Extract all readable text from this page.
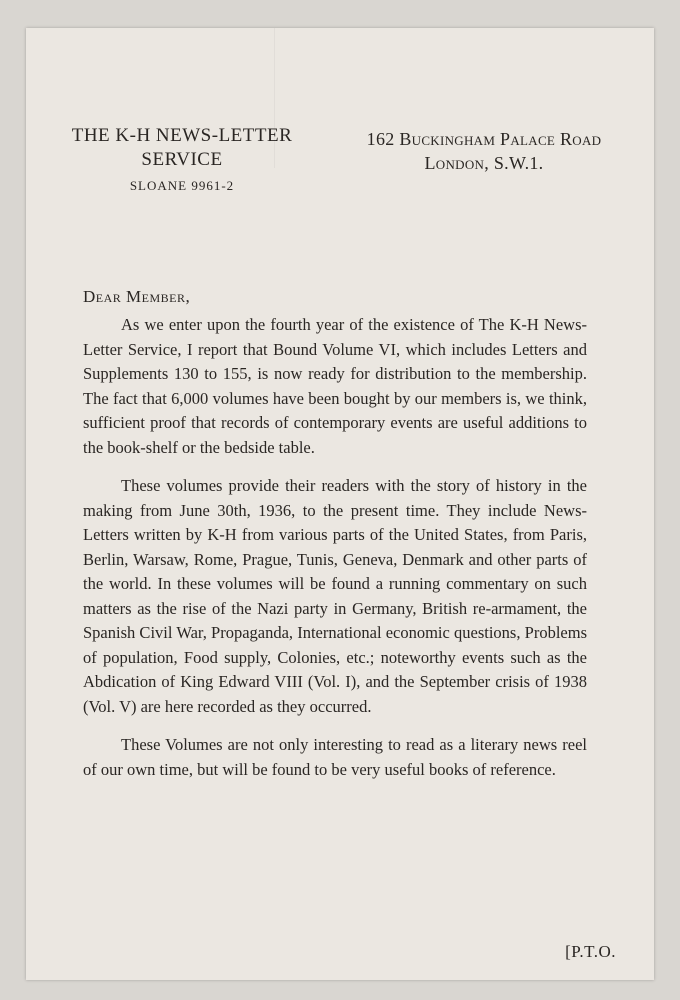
THE K-H NEWS-LETTER
SERVICE
SLOANE 9961-2
162 Buckingham Palace Road
London, S.W.1.
Dear Member,

As we enter upon the fourth year of the existence of The K-H News-Letter Service, I report that Bound Volume VI, which includes Letters and Supplements 130 to 155, is now ready for distribution to the membership. The fact that 6,000 volumes have been bought by our members is, we think, sufficient proof that records of contemporary events are useful additions to the book-shelf or the bedside table.

These volumes provide their readers with the story of history in the making from June 30th, 1936, to the present time. They include News-Letters written by K-H from various parts of the United States, from Paris, Berlin, Warsaw, Rome, Prague, Tunis, Geneva, Denmark and other parts of the world. In these volumes will be found a running commentary on such matters as the rise of the Nazi party in Germany, British re-armament, the Spanish Civil War, Propaganda, International economic questions, Problems of population, Food supply, Colonies, etc.; noteworthy events such as the Abdication of King Edward VIII (Vol. I), and the September crisis of 1938 (Vol. V) are here recorded as they occurred.

These Volumes are not only interesting to read as a literary news reel of our own time, but will be found to be very useful books of reference.

[P.T.O.
